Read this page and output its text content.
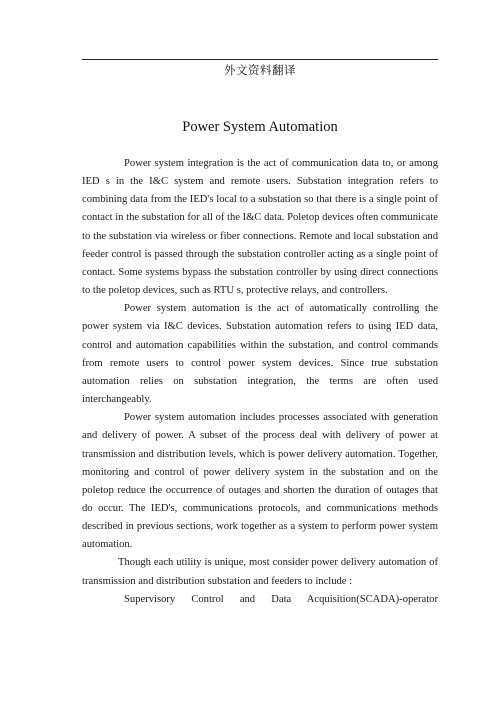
外文资料翻译
Power System Automation

Power system integration is the act of communication data to, or among IED s in the I&C system and remote users. Substation integration refers to combining data from the IED's local to a substation so that there is a single point of contact in the substation for all of the I&C data. Poletop devices often communicate to the substation via wireless or fiber connections. Remote and local substation and feeder control is passed through the substation controller acting as a single point of contact. Some systems bypass the substation controller by using direct connections to the poletop devices, such as RTU s, protective relays, and controllers.

Power system automation is the act of automatically controlling the power system via I&C devices. Substation automation refers to using IED data, control and automation capabilities within the substation, and control commands from remote users to control power system devices. Since true substation automation relies on substation integration, the terms are often used interchangeably.

Power system automation includes processes associated with generation and delivery of power. A subset of the process deal with delivery of power at transmission and distribution levels, which is power delivery automation. Together, monitoring and control of power delivery system in the substation and on the poletop reduce the occurrence of outages and shorten the duration of outages that do occur. The IED's, communications protocols, and communications methods described in previous sections, work together as a system to perform power system automation.

Though each utility is unique, most consider power delivery automation of transmission and distribution substation and feeders to include :

Supervisory Control and Data Acquisition(SCADA)-operator
